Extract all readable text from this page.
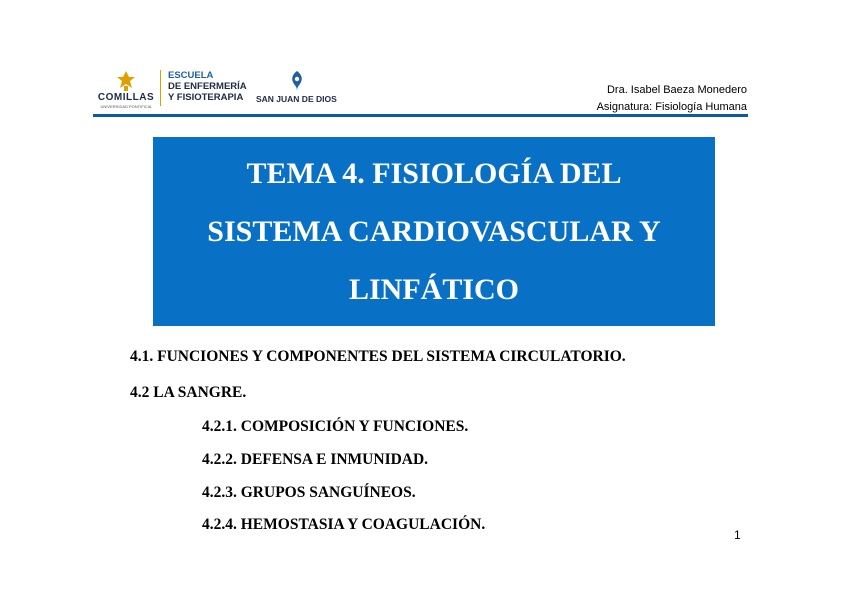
COMILLAS
UNIVERSIDAD PONTIFICIA
ESCUELA
DE ENFERMERÍA
Y FISIOTERAPIA	SAN JUAN DE DIOS
Dra. Isabel Baeza Monedero
Asignatura: Fisiología Humana
TEMA 4. FISIOLOGÍA DEL
SISTEMA CARDIOVASCULAR Y
LINFÁTICO
4.1. FUNCIONES Y COMPONENTES DEL SISTEMA CIRCULATORIO.
4.2 LA SANGRE.
4.2.1. COMPOSICIÓN Y FUNCIONES.
4.2.2. DEFENSA E INMUNIDAD.
4.2.3. GRUPOS SANGUÍNEOS.
4.2.4. HEMOSTASIA Y COAGULACIÓN.
1
